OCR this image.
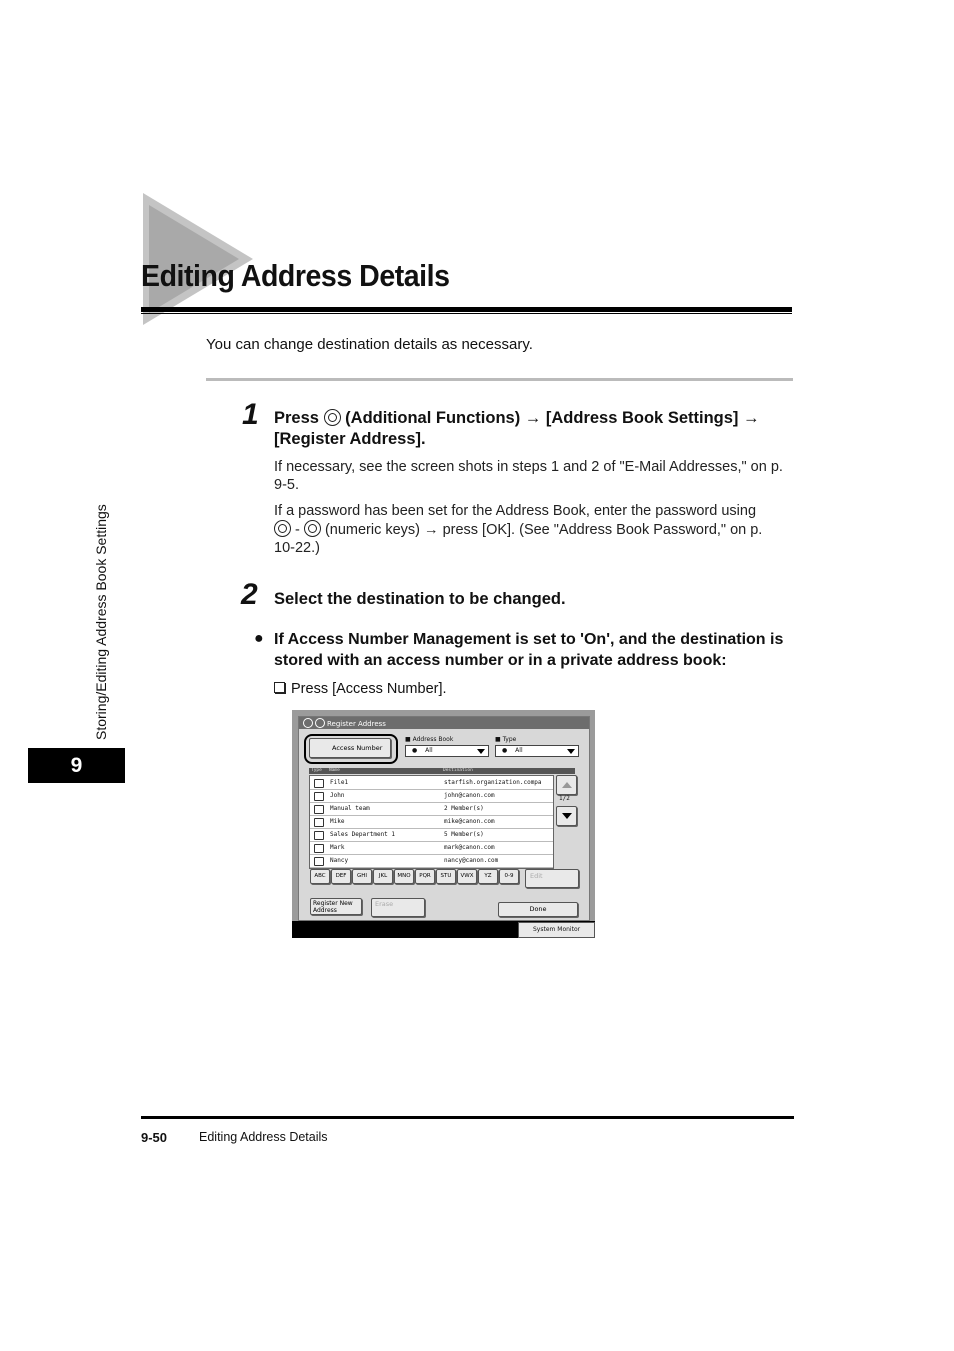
Editing Address Details
You can change destination details as necessary.
Storing/Editing Address Book Settings
9
1 Press (Additional Functions) → [Address Book Settings] →
[Register Address].
If necessary, see the screen shots in steps 1 and 2 of "E-Mail Addresses," on p. 9-5.
If a password has been set for the Address Book, enter the password using
- (numeric keys) → press [OK]. (See "Address Book Password," on p. 10-22.)
2 Select the destination to be changed.
● If Access Number Management is set to 'On', and the destination is stored with an access number or in a private address book:
Press [Access Number].
Register Address
Access Number
■ Address Book
● All
■ Type
● All
Type Name	Destination
File1	starfish.organization.compa
John	john@canon.com
Manual team	2 Member(s)
Mike	mike@canon.com
Sales Department 1	5 Member(s)
Mark	mark@canon.com
Nancy	nancy@canon.com
1/2
ABC	DEF	GHI	JKL	MNO	PQR	STU	VWX	YZ	0-9	Edit
Register New
Address
Erase
Done
System Monitor
9-50	Editing Address Details
